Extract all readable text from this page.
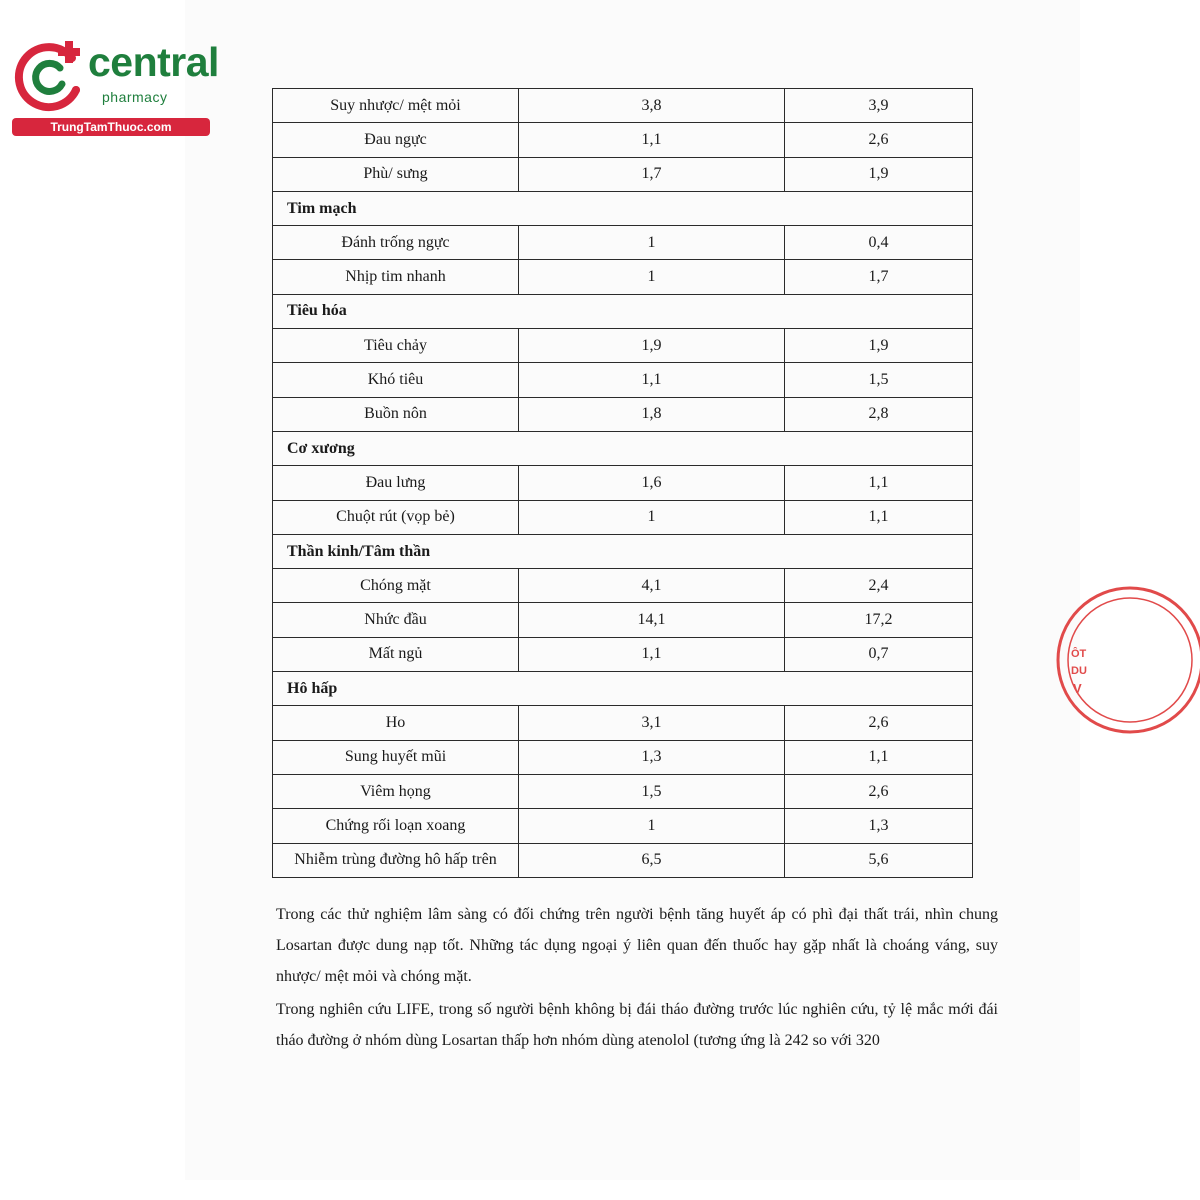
central
pharmacy
TrungTamThuoc.com
Suy nhược/ mệt mỏi	3,8	3,9
Đau ngực	1,1	2,6
Phù/ sưng	1,7	1,9
Tim mạch		
Đánh trống ngực	1	0,4
Nhịp tim nhanh	1	1,7
Tiêu hóa		
Tiêu chảy	1,9	1,9
Khó tiêu	1,1	1,5
Buồn nôn	1,8	2,8
Cơ xương		
Đau lưng	1,6	1,1
Chuột rút (vọp bẻ)	1	1,1
Thần kinh/Tâm thần		
Chóng mặt	4,1	2,4
Nhức đầu	14,1	17,2
Mất ngủ	1,1	0,7
Hô hấp		
Ho	3,1	2,6
Sung huyết mũi	1,3	1,1
Viêm họng	1,5	2,6
Chứng rối loạn xoang	1	1,3
Nhiễm trùng đường hô hấp trên	6,5	5,6

Trong các thử nghiệm lâm sàng có đối chứng trên người bệnh tăng huyết áp có phì đại thất trái, nhìn chung Losartan được dung nạp tốt. Những tác dụng ngoại ý liên quan đến thuốc hay gặp nhất là choáng váng, suy nhược/ mệt mỏi và chóng mặt.

Trong nghiên cứu LIFE, trong số người bệnh không bị đái tháo đường trước lúc nghiên cứu, tỷ lệ mắc mới đái tháo đường ở nhóm dùng Losartan thấp hơn nhóm dùng atenolol (tương ứng là 242 so với 320

ÔT
DU
V
